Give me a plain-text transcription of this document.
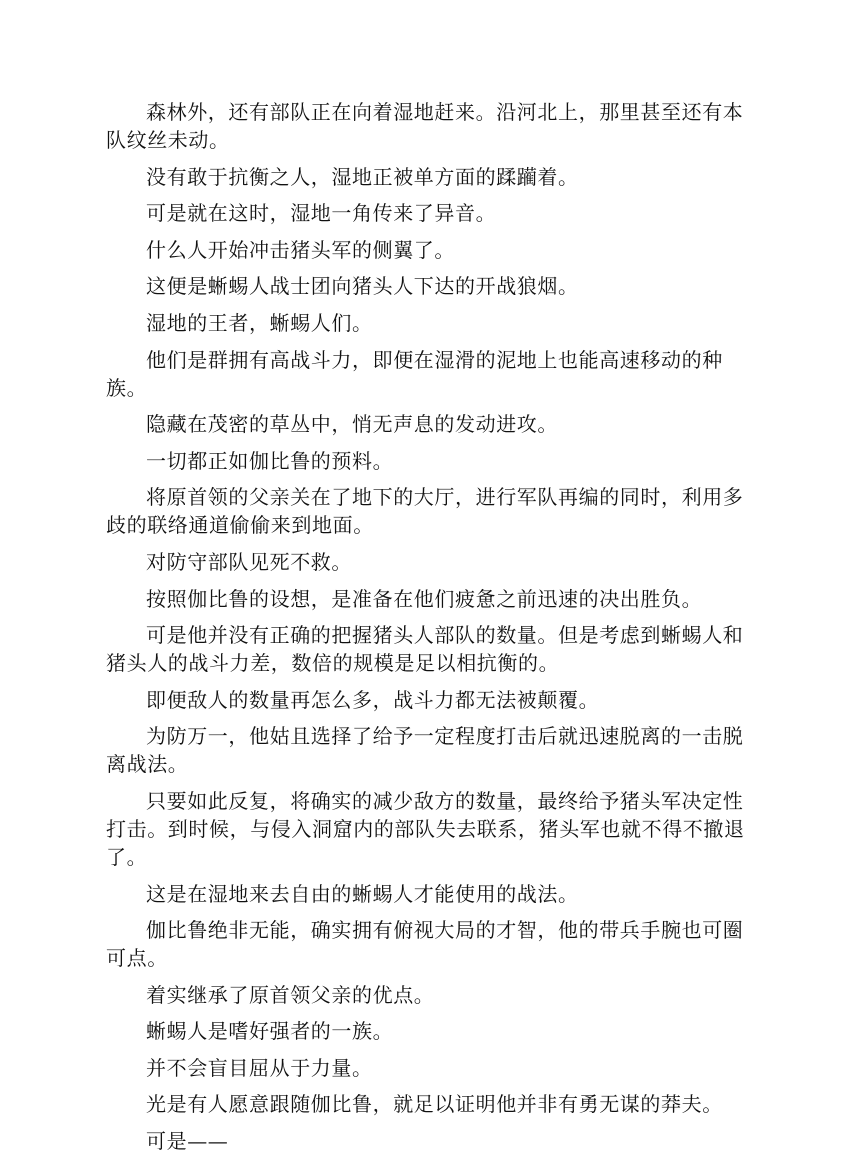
森林外，还有部队正在向着湿地赶来。沿河北上，那里甚至还有本队纹丝未动。

没有敢于抗衡之人，湿地正被单方面的蹂躏着。

可是就在这时，湿地一角传来了异音。

什么人开始冲击猪头军的侧翼了。

这便是蜥蜴人战士团向猪头人下达的开战狼烟。

湿地的王者，蜥蜴人们。

他们是群拥有高战斗力，即便在湿滑的泥地上也能高速移动的种族。

隐藏在茂密的草丛中，悄无声息的发动进攻。

一切都正如伽比鲁的预料。

将原首领的父亲关在了地下的大厅，进行军队再编的同时，利用多歧的联络通道偷偷来到地面。

对防守部队见死不救。

按照伽比鲁的设想，是准备在他们疲惫之前迅速的决出胜负。

可是他并没有正确的把握猪头人部队的数量。但是考虑到蜥蜴人和猪头人的战斗力差，数倍的规模是足以相抗衡的。

即便敌人的数量再怎么多，战斗力都无法被颠覆。

为防万一，他姑且选择了给予一定程度打击后就迅速脱离的一击脱离战法。

只要如此反复，将确实的减少敌方的数量，最终给予猪头军决定性打击。到时候，与侵入洞窟内的部队失去联系，猪头军也就不得不撤退了。

这是在湿地来去自由的蜥蜴人才能使用的战法。

伽比鲁绝非无能，确实拥有俯视大局的才智，他的带兵手腕也可圈可点。

着实继承了原首领父亲的优点。

蜥蜴人是嗜好强者的一族。

并不会盲目屈从于力量。

光是有人愿意跟随伽比鲁，就足以证明他并非有勇无谋的莽夫。

可是——
